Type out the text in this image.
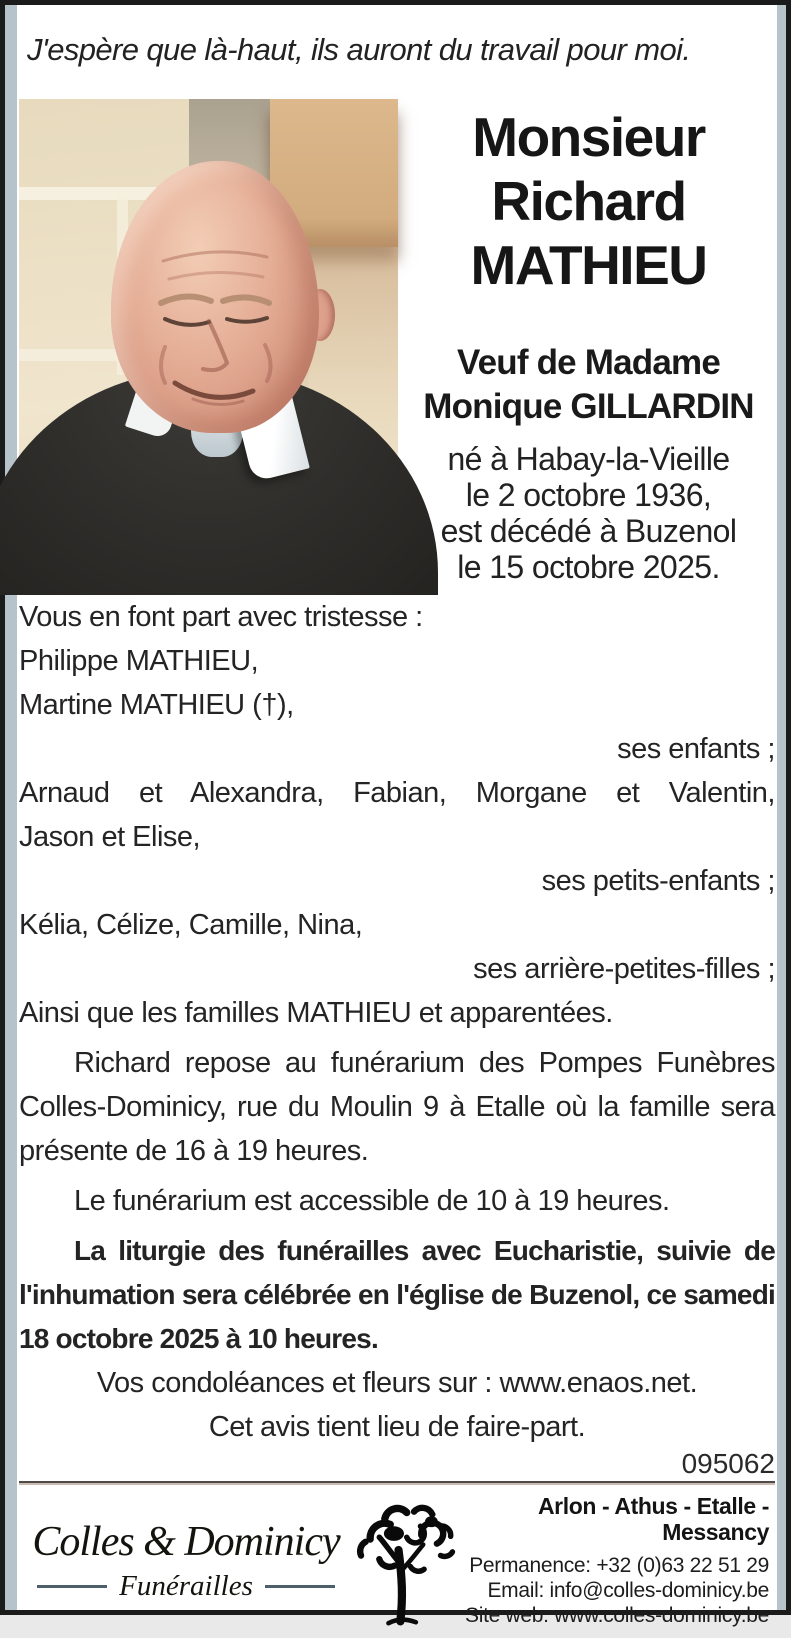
J'espère que là-haut, ils auront du travail pour moi.
Monsieur
Richard
MATHIEU
Veuf de Madame
Monique GILLARDIN
né à Habay-la-Vieille
le 2 octobre 1936,
est décédé à Buzenol
le 15 octobre 2025.

Vous en font part avec tristesse :

Philippe MATHIEU,

Martine MATHIEU (†),

ses enfants ;

Arnaud et Alexandra, Fabian, Morgane et Valentin,

Jason et Elise,

ses petits-enfants ;

Kélia, Célize, Camille, Nina,

ses arrière-petites-filles ;

Ainsi que les familles MATHIEU et apparentées.

Richard repose au funérarium des Pompes Funèbres Colles-Dominicy, rue du Moulin 9 à Etalle où la famille sera présente de 16 à 19 heures.

Le funérarium est accessible de 10 à 19 heures.

La liturgie des funérailles avec Eucharistie, suivie de l'inhumation sera célébrée en l'église de Buzenol, ce samedi 18 octobre 2025 à 10 heures.

Vos condoléances et fleurs sur : www.enaos.net.

Cet avis tient lieu de faire-part.

095062

Colles & Dominicy
Funérailles
Arlon - Athus - Etalle - Messancy
Permanence: +32 (0)63 22 51 29
Email: info@colles-dominicy.be
Site web: www.colles-dominicy.be
